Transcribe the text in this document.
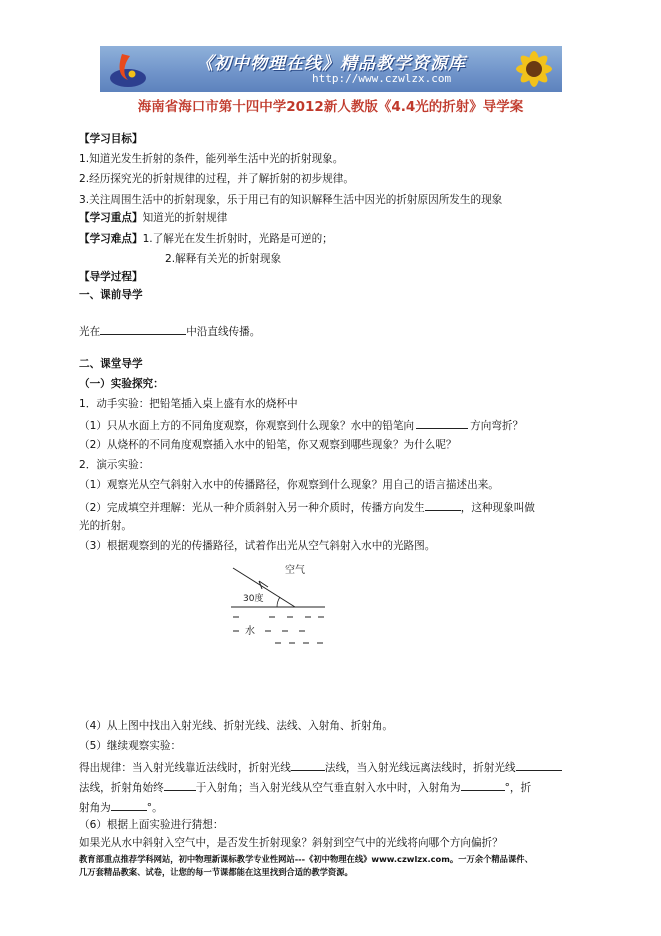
《初中物理在线》精品教学资源库
http://www.czwlzx.com
海南省海口市第十四中学2012新人教版《4.4光的折射》导学案
【学习目标】
1.知道光发生折射的条件，能列举生活中光的折射现象。
2.经历探究光的折射规律的过程，并了解折射的初步规律。
3.关注周围生活中的折射现象，乐于用已有的知识解释生活中因光的折射原因所发生的现象
【学习重点】知道光的折射规律
【学习难点】1.了解光在发生折射时，光路是可逆的；
2.解释有关光的折射现象
【导学过程】
一、课前导学
光在	中沿直线传播。
二、课堂导学
（一）实验探究：
1．动手实验：把铅笔插入桌上盛有水的烧杯中
（1）只从水面上方的不同角度观察，你观察到什么现象？水中的铅笔向	方向弯折？
（2）从烧杯的不同角度观察插入水中的铅笔，你又观察到哪些现象？为什么呢？
2．演示实验：
（1）观察光从空气斜射入水中的传播路径，你观察到什么现象？用自己的语言描述出来。
（2）完成填空并理解：光从一种介质斜射入另一种介质时，传播方向发生	，这种现象叫做
光的折射。
（3）根据观察到的光的传播路径，试着作出光从空气斜射入水中的光路图。
空气
30度
水
（4）从上图中找出入射光线、折射光线、法线、入射角、折射角。
（5）继续观察实验：
得出规律：当入射光线靠近法线时，折射光线	法线，当入射光线远离法线时，折射光线
法线，折射角始终	于入射角；当入射光线从空气垂直射入水中时，入射角为	°，折
射角为	°。
（6）根据上面实验进行猜想：
如果光从水中斜射入空气中，是否发生折射现象？斜射到空气中的光线将向哪个方向偏折？
教育部重点推荐学科网站，初中物理新课标教学专业性网站---《初中物理在线》www.czwlzx.com。一万余个精品课件、
几万套精品教案、试卷，让您的每一节课都能在这里找到合适的教学资源。
